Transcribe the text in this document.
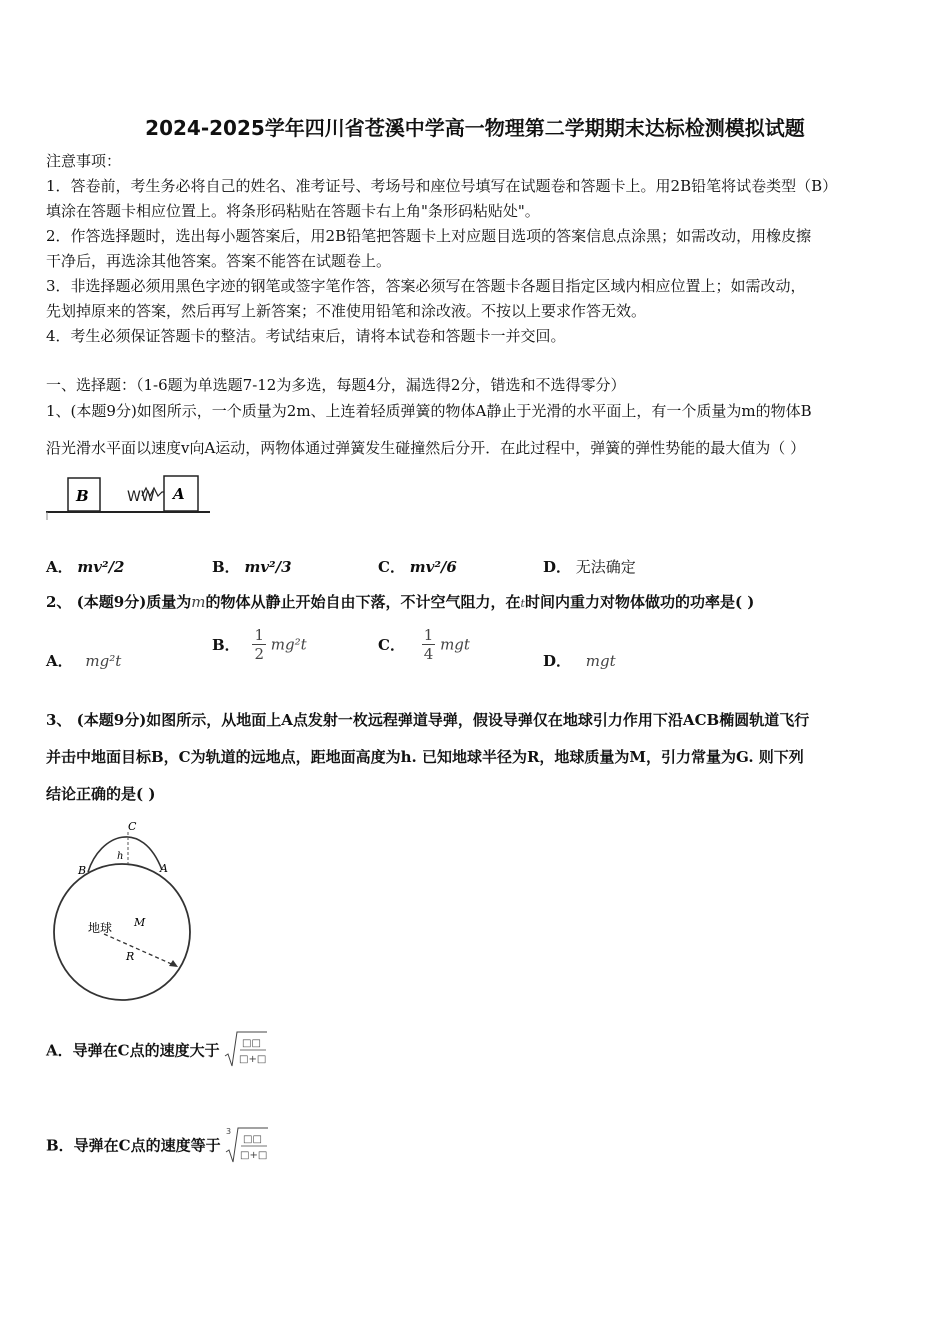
2024-2025学年四川省苍溪中学高一物理第二学期期末达标检测模拟试题
注意事项：
1．答卷前，考生务必将自己的姓名、准考证号、考场号和座位号填写在试题卷和答题卡上。用2B铅笔将试卷类型（B）
填涂在答题卡相应位置上。将条形码粘贴在答题卡右上角"条形码粘贴处"。
2．作答选择题时，选出每小题答案后，用2B铅笔把答题卡上对应题目选项的答案信息点涂黑；如需改动，用橡皮擦
干净后，再选涂其他答案。答案不能答在试题卷上。
3．非选择题必须用黑色字迹的钢笔或签字笔作答，答案必须写在答题卡各题目指定区域内相应位置上；如需改动，
先划掉原来的答案，然后再写上新答案；不准使用铅笔和涂改液。不按以上要求作答无效。
4．考生必须保证答题卡的整洁。考试结束后，请将本试卷和答题卡一并交回。
一、选择题：（1-6题为单选题7-12为多选，每题4分，漏选得2分，错选和不选得零分）
1、(本题9分)如图所示，一个质量为2m、上连着轻质弹簧的物体A静止于光滑的水平面上，有一个质量为m的物体B
沿光滑水平面以速度v向A运动，两物体通过弹簧发生碰撞然后分开．在此过程中，弹簧的弹性势能的最大值为（ ）
B	A
WW
A． mv²/2	B． mv²/3	C． mv²/6	D． 无法确定
2、 (本题9分)质量为m的物体从静止开始自由下落，不计空气阻力，在t时间内重力对物体做功的功率是( )
A． mg²t
B． $\frac{1}{2} mg^2t$	C． $\frac{1}{4}$ mgt
D． mgt
3、 (本题9分)如图所示，从地面上A点发射一枚远程弹道导弹，假设导弹仅在地球引力作用下沿ACB椭圆轨道飞行
并击中地面目标B，C为轨道的远地点，距地面高度为h. 已知地球半径为R，地球质量为M，引力常量为G. 则下列
结论正确的是( )
C
h
B	A
地球 M
R
A．导弹在C点的速度大于 □□
□+□
B．导弹在C点的速度等于
3
□□
□+□
